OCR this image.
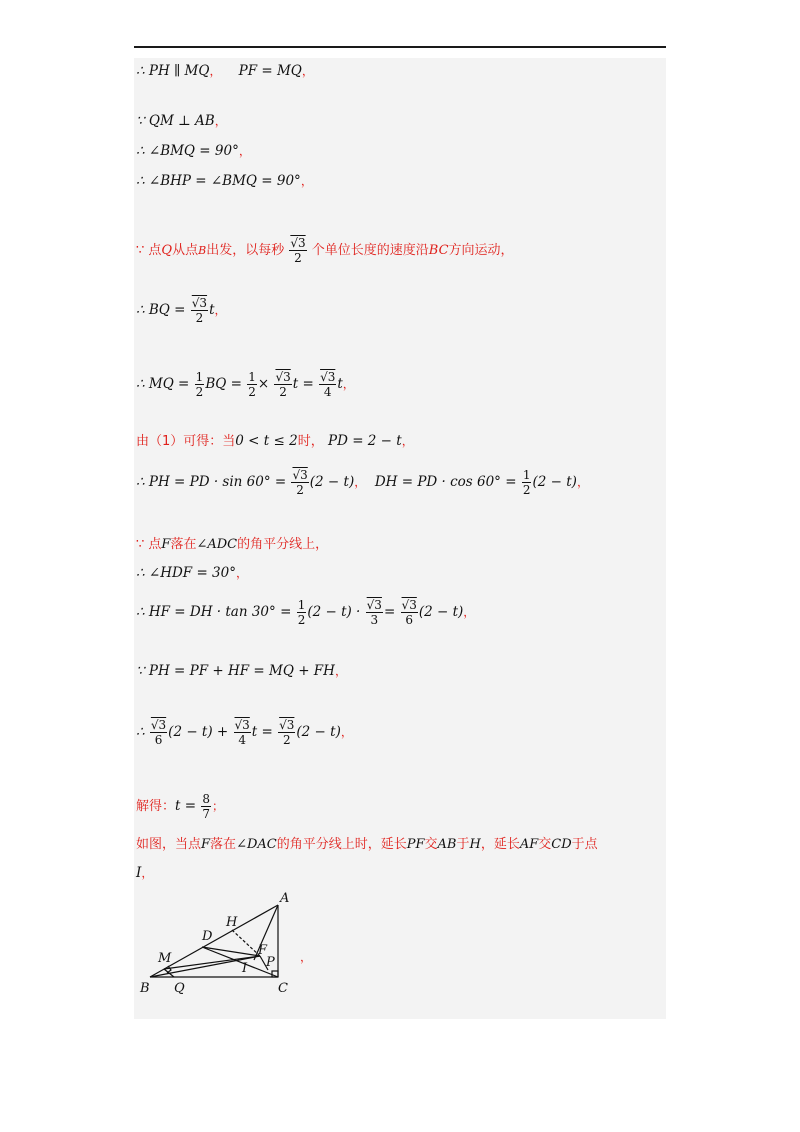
∴ PH ∥ MQ， PF = MQ，
∵ QM ⊥ AB，
∴ ∠BMQ = 90°，
∴ ∠BHP = ∠BMQ = 90°，
∵ 点Q从点B出发，以每秒 $\frac{√3}{2}$ 个单位长度的速度沿BC方向运动，
∴ BQ = $\frac{√3}{2}$ t，
∴ MQ = $\frac{1}{2}$ BQ = $\frac{1}{2} \times \frac{√3}{2}$ $t = \frac{√3}{4}$ t，
由（1）可得：当0 < t ≤ 2时， PD = 2 − t，
∴ PH = PD · $\sin 60^\circ = \frac{√3}{2} (2 - t)$， DH = PD · $\cos 60^\circ = \frac{1}{2} (2 - t)$，
∵ 点F落在∠ADC的角平分线上，
∴ ∠HDF = 30°，
∴ HF = DH · $\tan 30^\circ = \frac{1}{2} (2 - t) \cdot \frac{√3}{3} = \frac{√3}{6} (2 - t)$，
∵ PH = PF + HF = MQ + FH，
∴ $\frac{√3}{6} (2 - t) + \frac{√3}{4}$ $t = \frac{√3}{2} (2 - t)$，
解得：$t = \frac{8}{7}$ ；
如图，当点F落在∠DAC的角平分线上时，延长PF交AB于H，延长AF交CD于点
I，
A
H
D
F
M
I P
B Q	C
，
